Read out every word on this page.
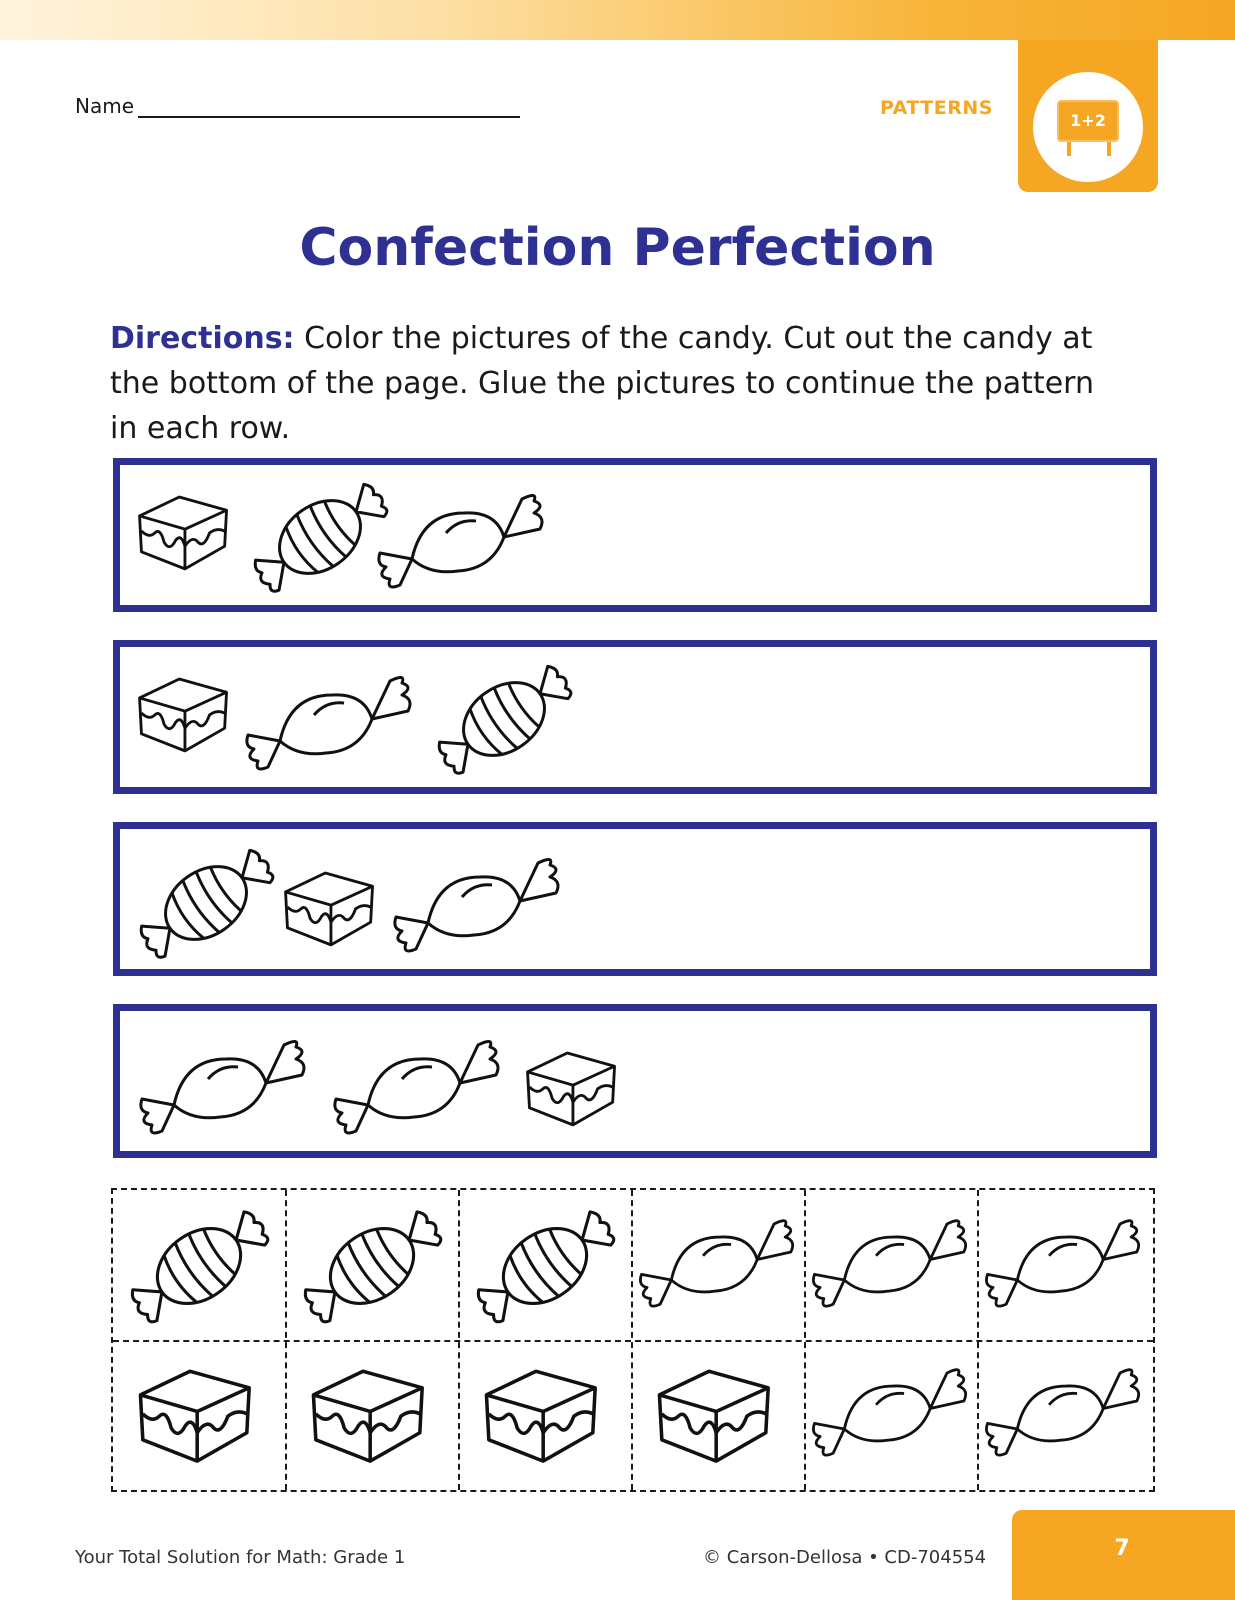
Name	PATTERNS
1+2
Confection Perfection
Directions: Color the pictures of the candy. Cut out the candy at the bottom of the page. Glue the pictures to continue the pattern in each row.
Your Total Solution for Math: Grade 1	© Carson-Dellosa • CD-704554	7
